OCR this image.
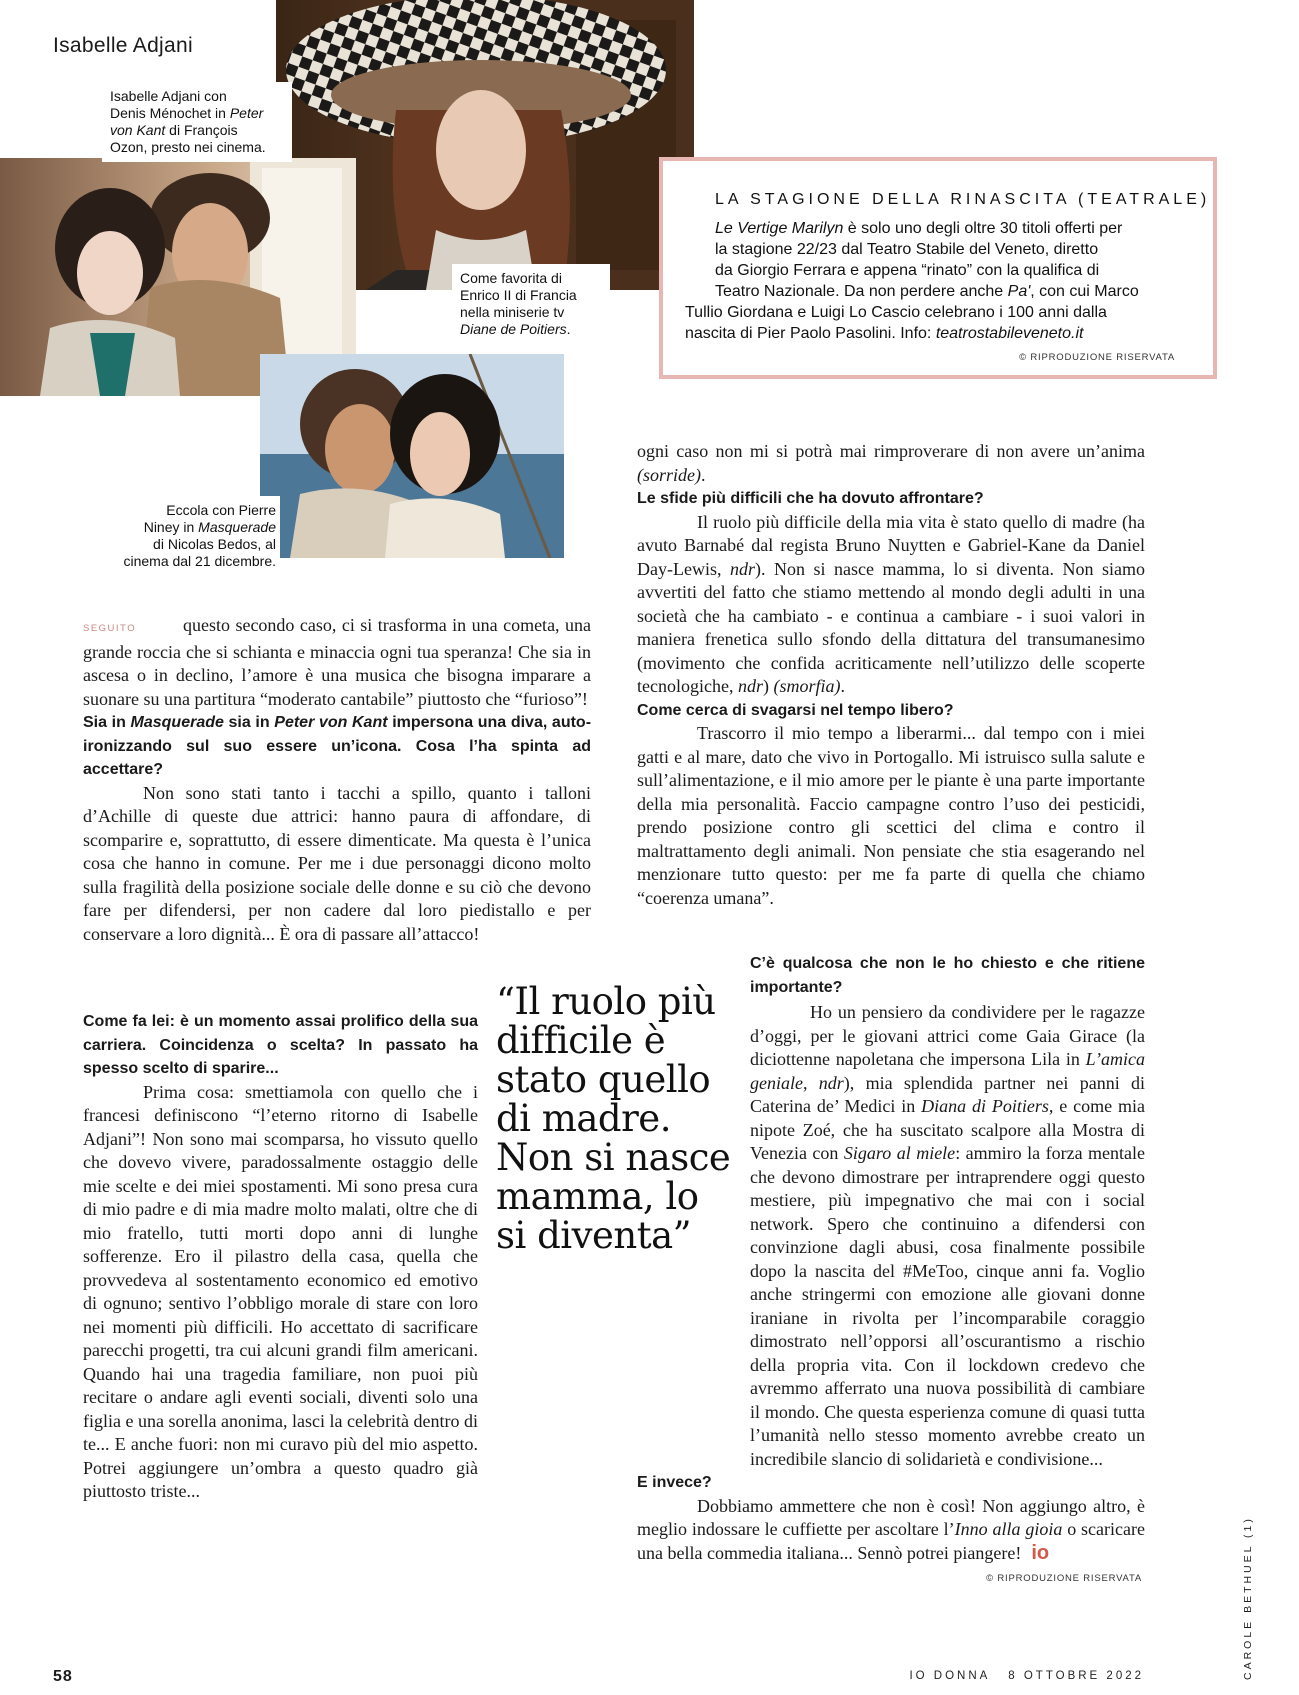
Isabelle Adjani
Isabelle Adjani con
Denis Ménochet in Peter
von Kant di François
Ozon, presto nei cinema.
Come favorita di
Enrico II di Francia
nella miniserie tv
Diane de Poitiers.
Eccola con Pierre
Niney in Masquerade
di Nicolas Bedos, al
cinema dal 21 dicembre.
LA STAGIONE DELLA RINASCITA (TEATRALE)
Le Vertige Marilyn è solo uno degli oltre 30 titoli offerti per
la stagione 22/23 dal Teatro Stabile del Veneto, diretto
da Giorgio Ferrara e appena “rinato” con la qualifica di
Teatro Nazionale. Da non perdere anche Pa', con cui Marco
Tullio Giordana e Luigi Lo Cascio celebrano i 100 anni dalla
nascita di Pier Paolo Pasolini. Info: teatrostabileveneto.it
© RIPRODUZIONE RISERVATA

SEGUITO	questo secondo caso, ci si trasforma in una cometa, una grande roccia che si schianta e minaccia ogni tua speranza! Che sia in ascesa o in declino, l’amore è una musica che bisogna imparare a suonare su una partitura “moderato cantabile” piuttosto che “furioso”!

Sia in Masquerade sia in Peter von Kant impersona una diva, auto-ironizzando sul suo essere un’icona. Cosa l’ha spinta ad accettare?

Non sono stati tanto i tacchi a spillo, quanto i talloni d’Achille di queste due attrici: hanno paura di affondare, di scomparire e, soprattutto, di essere dimenticate. Ma questa è l’unica cosa che hanno in comune. Per me i due personaggi dicono molto sulla fragilità della posizione sociale delle donne e su ciò che devono fare per difendersi, per non cadere dal loro piedistallo e per conservare a loro dignità... È ora di passare all’attacco!

Come fa lei: è un momento assai prolifico della sua carriera. Coincidenza o scelta? In passato ha spesso scelto di sparire...

Prima cosa: smettiamola con quello che i francesi definiscono “l’eterno ritorno di Isabelle Adjani”! Non sono mai scomparsa, ho vissuto quello che dovevo vivere, paradossalmente ostaggio delle mie scelte e dei miei spostamenti. Mi sono presa cura di mio padre e di mia madre molto malati, oltre che di mio fratello, tutti morti dopo anni di lunghe sofferenze. Ero il pilastro della casa, quella che provvedeva al sostentamento economico ed emotivo di ognuno; sentivo l’obbligo morale di stare con loro nei momenti più difficili. Ho accettato di sacrificare parecchi progetti, tra cui alcuni grandi film americani. Quando hai una tragedia familiare, non puoi più recitare o andare agli eventi sociali, diventi solo una figlia e una sorella anonima, lasci la celebrità dentro di te... E anche fuori: non mi curavo più del mio aspetto. Potrei aggiungere un’ombra a questo quadro già piuttosto triste...

“Il ruolo più difficile è stato quello di madre. Non si nasce mamma, lo si diventa”

ogni caso non mi si potrà mai rimproverare di non avere un’anima (sorride).

Le sfide più difficili che ha dovuto affrontare?

Il ruolo più difficile della mia vita è stato quello di madre (ha avuto Barnabé dal regista Bruno Nuytten e Gabriel-Kane da Daniel Day-Lewis, ndr). Non si nasce mamma, lo si diventa. Non siamo avvertiti del fatto che stiamo mettendo al mondo degli adulti in una società che ha cambiato - e continua a cambiare - i suoi valori in maniera frenetica sullo sfondo della dittatura del transumanesimo (movimento che confida acriticamente nell’utilizzo delle scoperte tecnologiche, ndr) (smorfia).

Come cerca di svagarsi nel tempo libero?

Trascorro il mio tempo a liberarmi... dal tempo con i miei gatti e al mare, dato che vivo in Portogallo. Mi istruisco sulla salute e sull’alimentazione, e il mio amore per le piante è una parte importante della mia personalità. Faccio campagne contro l’uso dei pesticidi, prendo posizione contro gli scettici del clima e contro il maltrattamento degli animali. Non pensiate che stia esagerando nel menzionare tutto questo: per me fa parte di quella che chiamo “coerenza umana”.

C’è qualcosa che non le ho chiesto e che ritiene importante?

Ho un pensiero da condividere per le ragazze d’oggi, per le giovani attrici come Gaia Girace (la diciottenne napoletana che impersona Lila in L’amica geniale, ndr), mia splendida partner nei panni di Caterina de’ Medici in Diana di Poitiers, e come mia nipote Zoé, che ha suscitato scalpore alla Mostra di Venezia con Sigaro al miele: ammiro la forza mentale che devono dimostrare per intraprendere oggi questo mestiere, più impegnativo che mai con i social network. Spero che continuino a difendersi con convinzione dagli abusi, cosa finalmente possibile dopo la nascita del #MeToo, cinque anni fa. Voglio anche stringermi con emozione alle giovani donne iraniane in rivolta per l’incomparabile coraggio dimostrato nell’opporsi all’oscurantismo a rischio della propria vita. Con il lockdown credevo che avremmo afferrato una nuova possibilità di cambiare il mondo. Che questa esperienza comune di quasi tutta l’umanità nello stesso momento avrebbe creato un incredibile slancio di solidarietà e condivisione...

E invece?

Dobbiamo ammettere che non è così! Non aggiungo altro, è meglio indossare le cuffiette per ascoltare l’Inno alla gioia o scaricare una bella commedia italiana... Sennò potrei piangere! io

© RIPRODUZIONE RISERVATA
58	IO DONNA   8 OTTOBRE 2022	CAROLE BETHUEL (1)
